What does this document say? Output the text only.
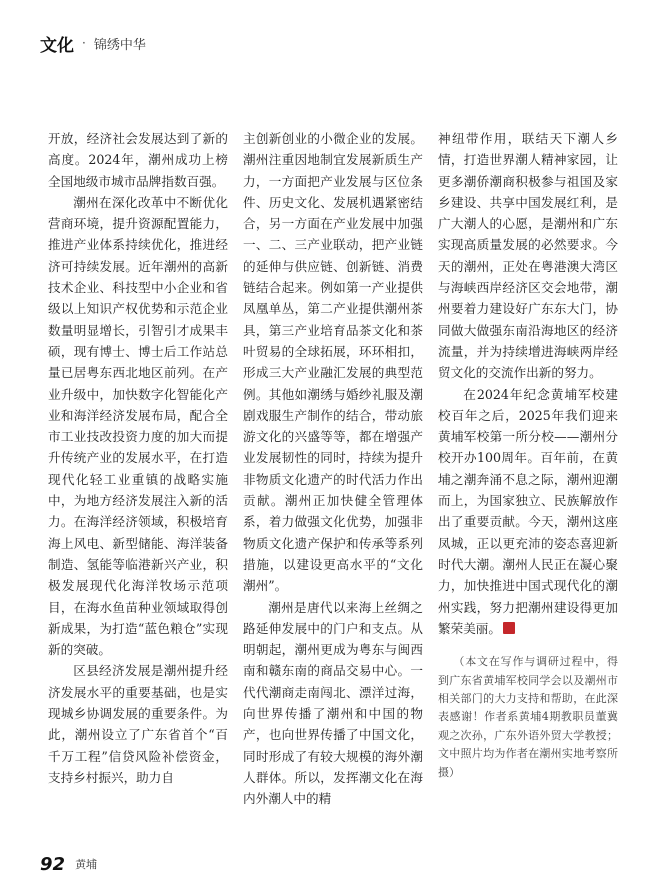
文化 · 锦绣中华

开放，经济社会发展达到了新的高度。2024年，潮州成功上榜全国地级市城市品牌指数百强。

潮州在深化改革中不断优化营商环境，提升资源配置能力，推进产业体系持续优化，推进经济可持续发展。近年潮州的高新技术企业、科技型中小企业和省级以上知识产权优势和示范企业数量明显增长，引智引才成果丰硕，现有博士、博士后工作站总量已居粤东西北地区前列。在产业升级中，加快数字化智能化产业和海洋经济发展布局，配合全市工业技改投资力度的加大而提升传统产业的发展水平，在打造现代化轻工业重镇的战略实施中，为地方经济发展注入新的活力。在海洋经济领域，积极培育海上风电、新型储能、海洋装备制造、氢能等临港新兴产业，积极发展现代化海洋牧场示范项目，在海水鱼苗种业领域取得创新成果，为打造“蓝色粮仓”实现新的突破。

区县经济发展是潮州提升经济发展水平的重要基础，也是实现城乡协调发展的重要条件。为此，潮州设立了广东省首个“百千万工程”信贷风险补偿资金，支持乡村振兴，助力自

主创新创业的小微企业的发展。潮州注重因地制宜发展新质生产力，一方面把产业发展与区位条件、历史文化、发展机遇紧密结合，另一方面在产业发展中加强一、二、三产业联动，把产业链的延伸与供应链、创新链、消费链结合起来。例如第一产业提供凤凰单丛，第二产业提供潮州茶具，第三产业培育品茶文化和茶叶贸易的全球拓展，环环相扣，形成三大产业融汇发展的典型范例。其他如潮绣与婚纱礼服及潮剧戏服生产制作的结合，带动旅游文化的兴盛等等，都在增强产业发展韧性的同时，持续为提升非物质文化遗产的时代活力作出贡献。潮州正加快健全管理体系，着力做强文化优势，加强非物质文化遗产保护和传承等系列措施，以建设更高水平的“文化潮州”。

潮州是唐代以来海上丝绸之路延伸发展中的门户和支点。从明朝起，潮州更成为粤东与闽西南和赣东南的商品交易中心。一代代潮商走南闯北、漂洋过海，向世界传播了潮州和中国的物产，也向世界传播了中国文化，同时形成了有较大规模的海外潮人群体。所以，发挥潮文化在海内外潮人中的精

神纽带作用，联结天下潮人乡情，打造世界潮人精神家园，让更多潮侨潮商积极参与祖国及家乡建设、共享中国发展红利，是广大潮人的心愿，是潮州和广东实现高质量发展的必然要求。今天的潮州，正处在粤港澳大湾区与海峡西岸经济区交会地带，潮州要着力建设好广东东大门，协同做大做强东南沿海地区的经济流量，并为持续增进海峡两岸经贸文化的交流作出新的努力。

在2024年纪念黄埔军校建校百年之后，2025年我们迎来黄埔军校第一所分校——潮州分校开办100周年。百年前，在黄埔之潮奔涌不息之际，潮州迎潮而上，为国家独立、民族解放作出了重要贡献。今天，潮州这座凤城，正以更充沛的姿态喜迎新时代大潮。潮州人民正在凝心聚力，加快推进中国式现代化的潮州实践，努力把潮州建设得更加繁荣美丽。

（本文在写作与调研过程中，得到广东省黄埔军校同学会以及潮州市相关部门的大力支持和帮助，在此深表感谢！作者系黄埔4期教职员董冀观之次孙，广东外语外贸大学教授；文中照片均为作者在潮州实地考察所摄）

92 黄埔
